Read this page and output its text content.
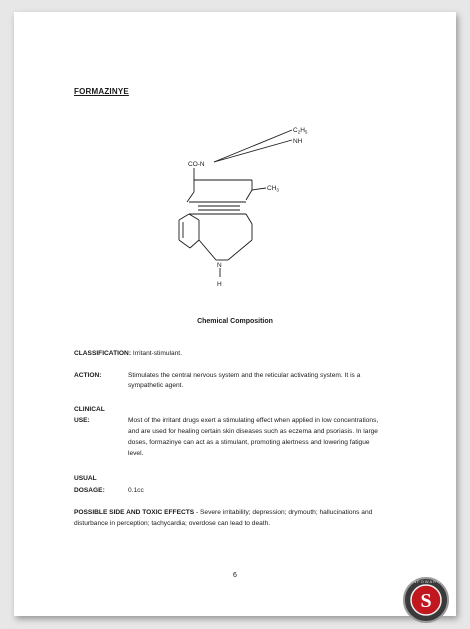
FORMAZINYE
$C_2H_5$
NH
CO-N
$CH_3$
N
H
Chemical Composition
CLASSIFICATION: Irritant-stimulant.
ACTION:	Stimulates the central nervous system and the reticular activating system. It is a
sympathetic agent.
CLINICAL
USE:	Most of the irritant drugs exert a stimulating effect when applied in low concentrations,
and are used for healing certain skin diseases such as eczema and psoriasis. In large
doses, formazinye can act as a stimulant, promoting alertness and lowering fatigue
level.
USUAL
DOSAGE:	0.1cc
POSSIBLE SIDE AND TOXIC EFFECTS - Severe irritability; depression; drymouth; hallucinations and
disturbance in perception; tachycardia; overdose can lead to death.
6
S
INFOWARS
